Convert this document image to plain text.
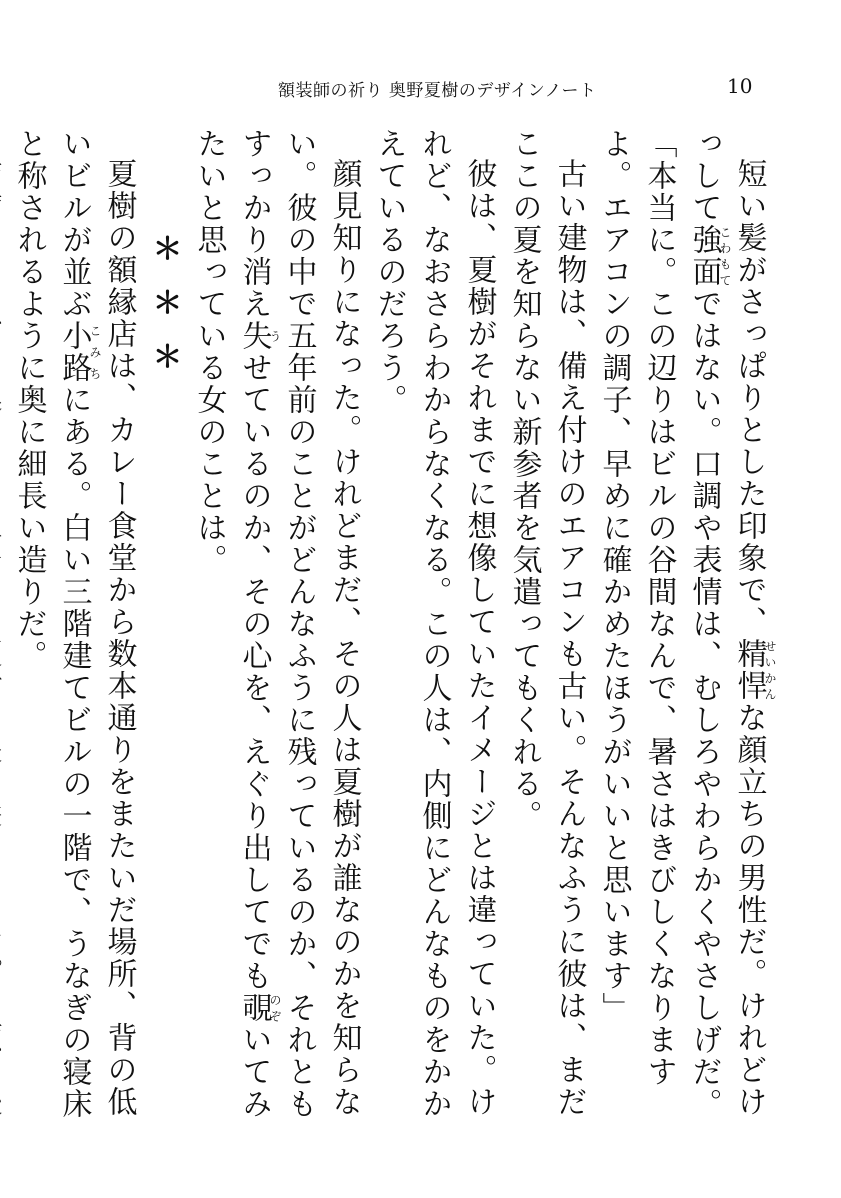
額装師の祈り 奥野夏樹のデザインノート	10

短い髪がさっぱりとした印象で、精悍せいかんな顔立ちの男性だ。けれどけっして強面こわもてではない。口調や表情は、むしろやわらかくやさしげだ。

「本当に。この辺りはビルの谷間なんで、暑さはきびしくなりますよ。エアコンの調子、早めに確かめたほうがいいと思います」

古い建物は、備え付けのエアコンも古い。そんなふうに彼は、まだここの夏を知らない新参者を気遣ってもくれる。

彼は、夏樹がそれまでに想像していたイメージとは違っていた。けれど、なおさらわからなくなる。この人は、内側にどんなものをかかえているのだろう。

顔見知りになった。けれどまだ、その人は夏樹が誰なのかを知らない。彼の中で五年前のことがどんなふうに残っているのか、それともすっかり消え失うせているのか、その心を、えぐり出してでも覗のぞいてみたいと思っている女のことは。

＊＊＊

夏樹の額縁店は、カレー食堂から数本通りをまたいだ場所、背の低いビルが並ぶ小路こみちにある。白い三階建てビルの一階で、うなぎの寝床と称されるように奥に細長い造りだ。
